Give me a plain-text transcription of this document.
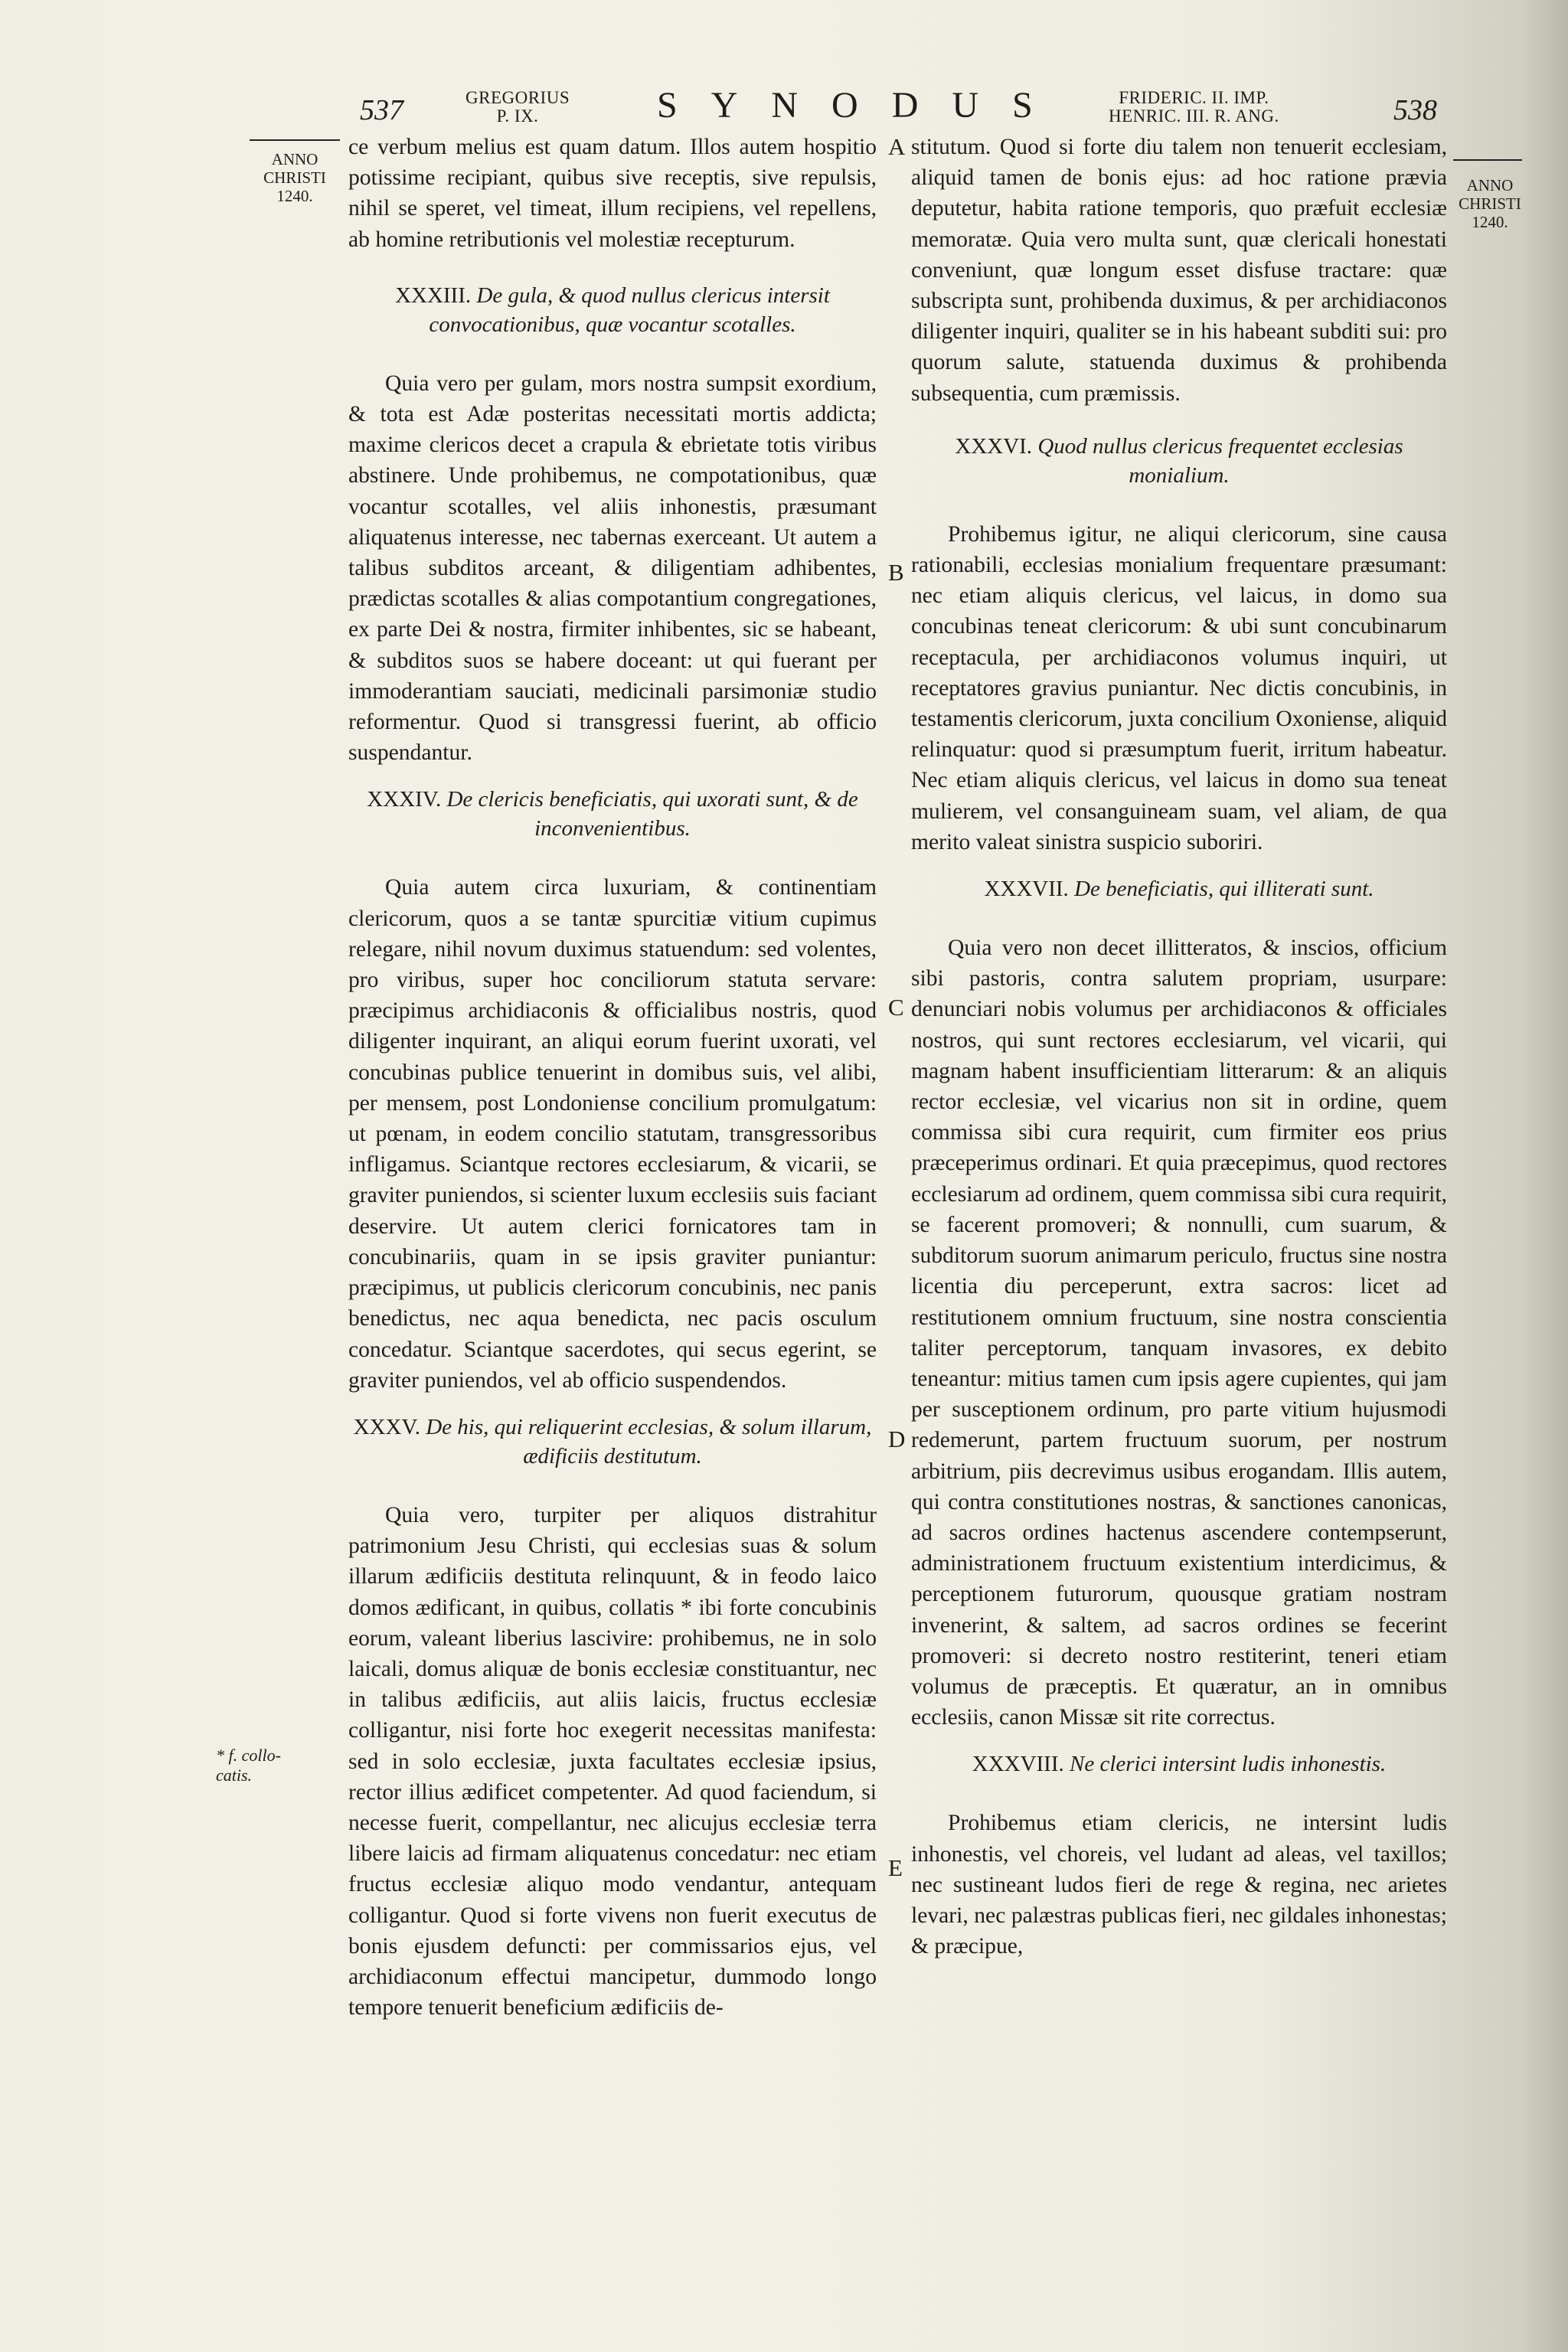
537	GREGORIUS
P. IX.	SYNODUS	FRIDERIC. II. IMP.
HENRIC. III. R. ANG.	538
ANNO
CHRISTI
1240.
ANNO
CHRISTI
1240.
* f. collo-
catis.
A
B
C
D
E

ce verbum melius est quam datum. Illos autem hospitio potissime recipiant, quibus sive receptis, sive repulsis, nihil se speret, vel timeat, illum recipiens, vel repellens, ab homine retributionis vel molestiæ recepturum.

XXXIII. De gula, & quod nullus clericus intersit convocationibus, quæ vocantur scotalles.

Quia vero per gulam, mors nostra sumpsit exordium, & tota est Adæ posteritas necessitati mortis addicta; maxime clericos decet a crapula & ebrietate totis viribus abstinere. Unde prohibemus, ne compotationibus, quæ vocantur scotalles, vel aliis inhonestis, præsumant aliquatenus interesse, nec tabernas exerceant. Ut autem a talibus subditos arceant, & diligentiam adhibentes, prædictas scotalles & alias compotantium congregationes, ex parte Dei & nostra, firmiter inhibentes, sic se habeant, & subditos suos se habere doceant: ut qui fuerant per immoderantiam sauciati, medicinali parsimoniæ studio reformentur. Quod si transgressi fuerint, ab officio suspendantur.

XXXIV. De clericis beneficiatis, qui uxorati sunt, & de inconvenientibus.

Quia autem circa luxuriam, & continentiam clericorum, quos a se tantæ spurcitiæ vitium cupimus relegare, nihil novum duximus statuendum: sed volentes, pro viribus, super hoc conciliorum statuta servare: præcipimus archidiaconis & officialibus nostris, quod diligenter inquirant, an aliqui eorum fuerint uxorati, vel concubinas publice tenuerint in domibus suis, vel alibi, per mensem, post Londoniense concilium promulgatum: ut pœnam, in eodem concilio statutam, transgressoribus infligamus. Sciantque rectores ecclesiarum, & vicarii, se graviter puniendos, si scienter luxum ecclesiis suis faciant deservire. Ut autem clerici fornicatores tam in concubinariis, quam in se ipsis graviter puniantur: præcipimus, ut publicis clericorum concubinis, nec panis benedictus, nec aqua benedicta, nec pacis osculum concedatur. Sciantque sacerdotes, qui secus egerint, se graviter puniendos, vel ab officio suspendendos.

XXXV. De his, qui reliquerint ecclesias, & solum illarum, ædificiis destitutum.

Quia vero, turpiter per aliquos distrahitur patrimonium Jesu Christi, qui ecclesias suas & solum illarum ædificiis destituta relinquunt, & in feodo laico domos ædificant, in quibus, collatis * ibi forte concubinis eorum, valeant liberius lascivire: prohibemus, ne in solo laicali, domus aliquæ de bonis ecclesiæ constituantur, nec in talibus ædificiis, aut aliis laicis, fructus ecclesiæ colligantur, nisi forte hoc exegerit necessitas manifesta: sed in solo ecclesiæ, juxta facultates ecclesiæ ipsius, rector illius ædificet competenter. Ad quod faciendum, si necesse fuerit, compellantur, nec alicujus ecclesiæ terra libere laicis ad firmam aliquatenus concedatur: nec etiam fructus ecclesiæ aliquo modo vendantur, antequam colligantur. Quod si forte vivens non fuerit executus de bonis ejusdem defuncti: per commissarios ejus, vel archidiaconum effectui mancipetur, dummodo longo tempore tenuerit beneficium ædificiis de-

stitutum. Quod si forte diu talem non tenuerit ecclesiam, aliquid tamen de bonis ejus: ad hoc ratione prævia deputetur, habita ratione temporis, quo præfuit ecclesiæ memoratæ. Quia vero multa sunt, quæ clericali honestati conveniunt, quæ longum esset disfuse tractare: quæ subscripta sunt, prohibenda duximus, & per archidiaconos diligenter inquiri, qualiter se in his habeant subditi sui: pro quorum salute, statuenda duximus & prohibenda subsequentia, cum præmissis.

XXXVI. Quod nullus clericus frequentet ecclesias monialium.

Prohibemus igitur, ne aliqui clericorum, sine causa rationabili, ecclesias monialium frequentare præsumant: nec etiam aliquis clericus, vel laicus, in domo sua concubinas teneat clericorum: & ubi sunt concubinarum receptacula, per archidiaconos volumus inquiri, ut receptatores gravius puniantur. Nec dictis concubinis, in testamentis clericorum, juxta concilium Oxoniense, aliquid relinquatur: quod si præsumptum fuerit, irritum habeatur. Nec etiam aliquis clericus, vel laicus in domo sua teneat mulierem, vel consanguineam suam, vel aliam, de qua merito valeat sinistra suspicio suboriri.

XXXVII. De beneficiatis, qui illiterati sunt.

Quia vero non decet illitteratos, & inscios, officium sibi pastoris, contra salutem propriam, usurpare: denunciari nobis volumus per archidiaconos & officiales nostros, qui sunt rectores ecclesiarum, vel vicarii, qui magnam habent insufficientiam litterarum: & an aliquis rector ecclesiæ, vel vicarius non sit in ordine, quem commissa sibi cura requirit, cum firmiter eos prius præceperimus ordinari. Et quia præcepimus, quod rectores ecclesiarum ad ordinem, quem commissa sibi cura requirit, se facerent promoveri; & nonnulli, cum suarum, & subditorum suorum animarum periculo, fructus sine nostra licentia diu perceperunt, extra sacros: licet ad restitutionem omnium fructuum, sine nostra conscientia taliter perceptorum, tanquam invasores, ex debito teneantur: mitius tamen cum ipsis agere cupientes, qui jam per susceptionem ordinum, pro parte vitium hujusmodi redemerunt, partem fructuum suorum, per nostrum arbitrium, piis decrevimus usibus erogandam. Illis autem, qui contra constitutiones nostras, & sanctiones canonicas, ad sacros ordines hactenus ascendere contempserunt, administrationem fructuum existentium interdicimus, & perceptionem futurorum, quousque gratiam nostram invenerint, & saltem, ad sacros ordines se fecerint promoveri: si decreto nostro restiterint, teneri etiam volumus de præceptis. Et quæratur, an in omnibus ecclesiis, canon Missæ sit rite correctus.

XXXVIII. Ne clerici intersint ludis inhonestis.

Prohibemus etiam clericis, ne intersint ludis inhonestis, vel choreis, vel ludant ad aleas, vel taxillos; nec sustineant ludos fieri de rege & regina, nec arietes levari, nec palæstras publicas fieri, nec gildales inhonestas; & præcipue,
